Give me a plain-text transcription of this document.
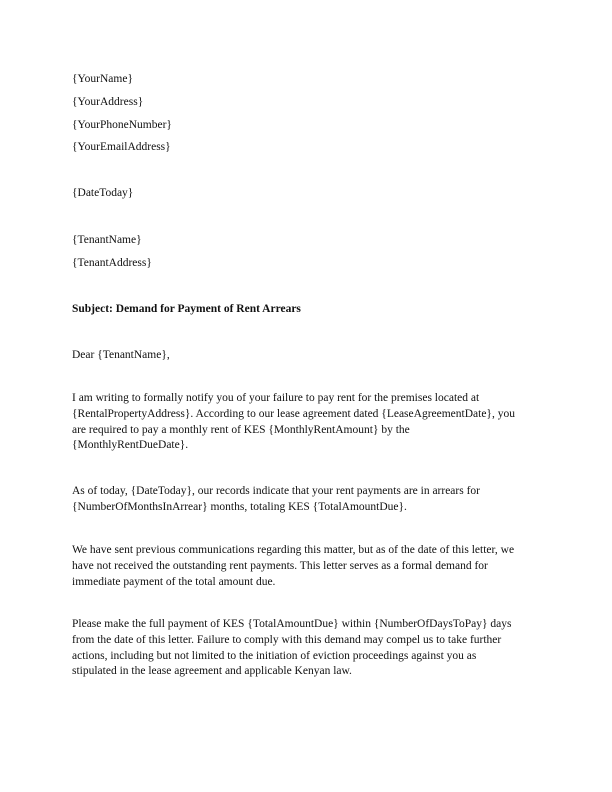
{YourName}

{YourAddress}

{YourPhoneNumber}

{YourEmailAddress}

{DateToday}

{TenantName}

{TenantAddress}

Subject: Demand for Payment of Rent Arrears

Dear {TenantName},

I am writing to formally notify you of your failure to pay rent for the premises located at
{RentalPropertyAddress}. According to our lease agreement dated {LeaseAgreementDate}, you
are required to pay a monthly rent of KES {MonthlyRentAmount} by the
{MonthlyRentDueDate}.
As of today, {DateToday}, our records indicate that your rent payments are in arrears for
{NumberOfMonthsInArrear} months, totaling KES {TotalAmountDue}.
We have sent previous communications regarding this matter, but as of the date of this letter, we
have not received the outstanding rent payments. This letter serves as a formal demand for
immediate payment of the total amount due.
Please make the full payment of KES {TotalAmountDue} within {NumberOfDaysToPay} days
from the date of this letter. Failure to comply with this demand may compel us to take further
actions, including but not limited to the initiation of eviction proceedings against you as
stipulated in the lease agreement and applicable Kenyan law.
